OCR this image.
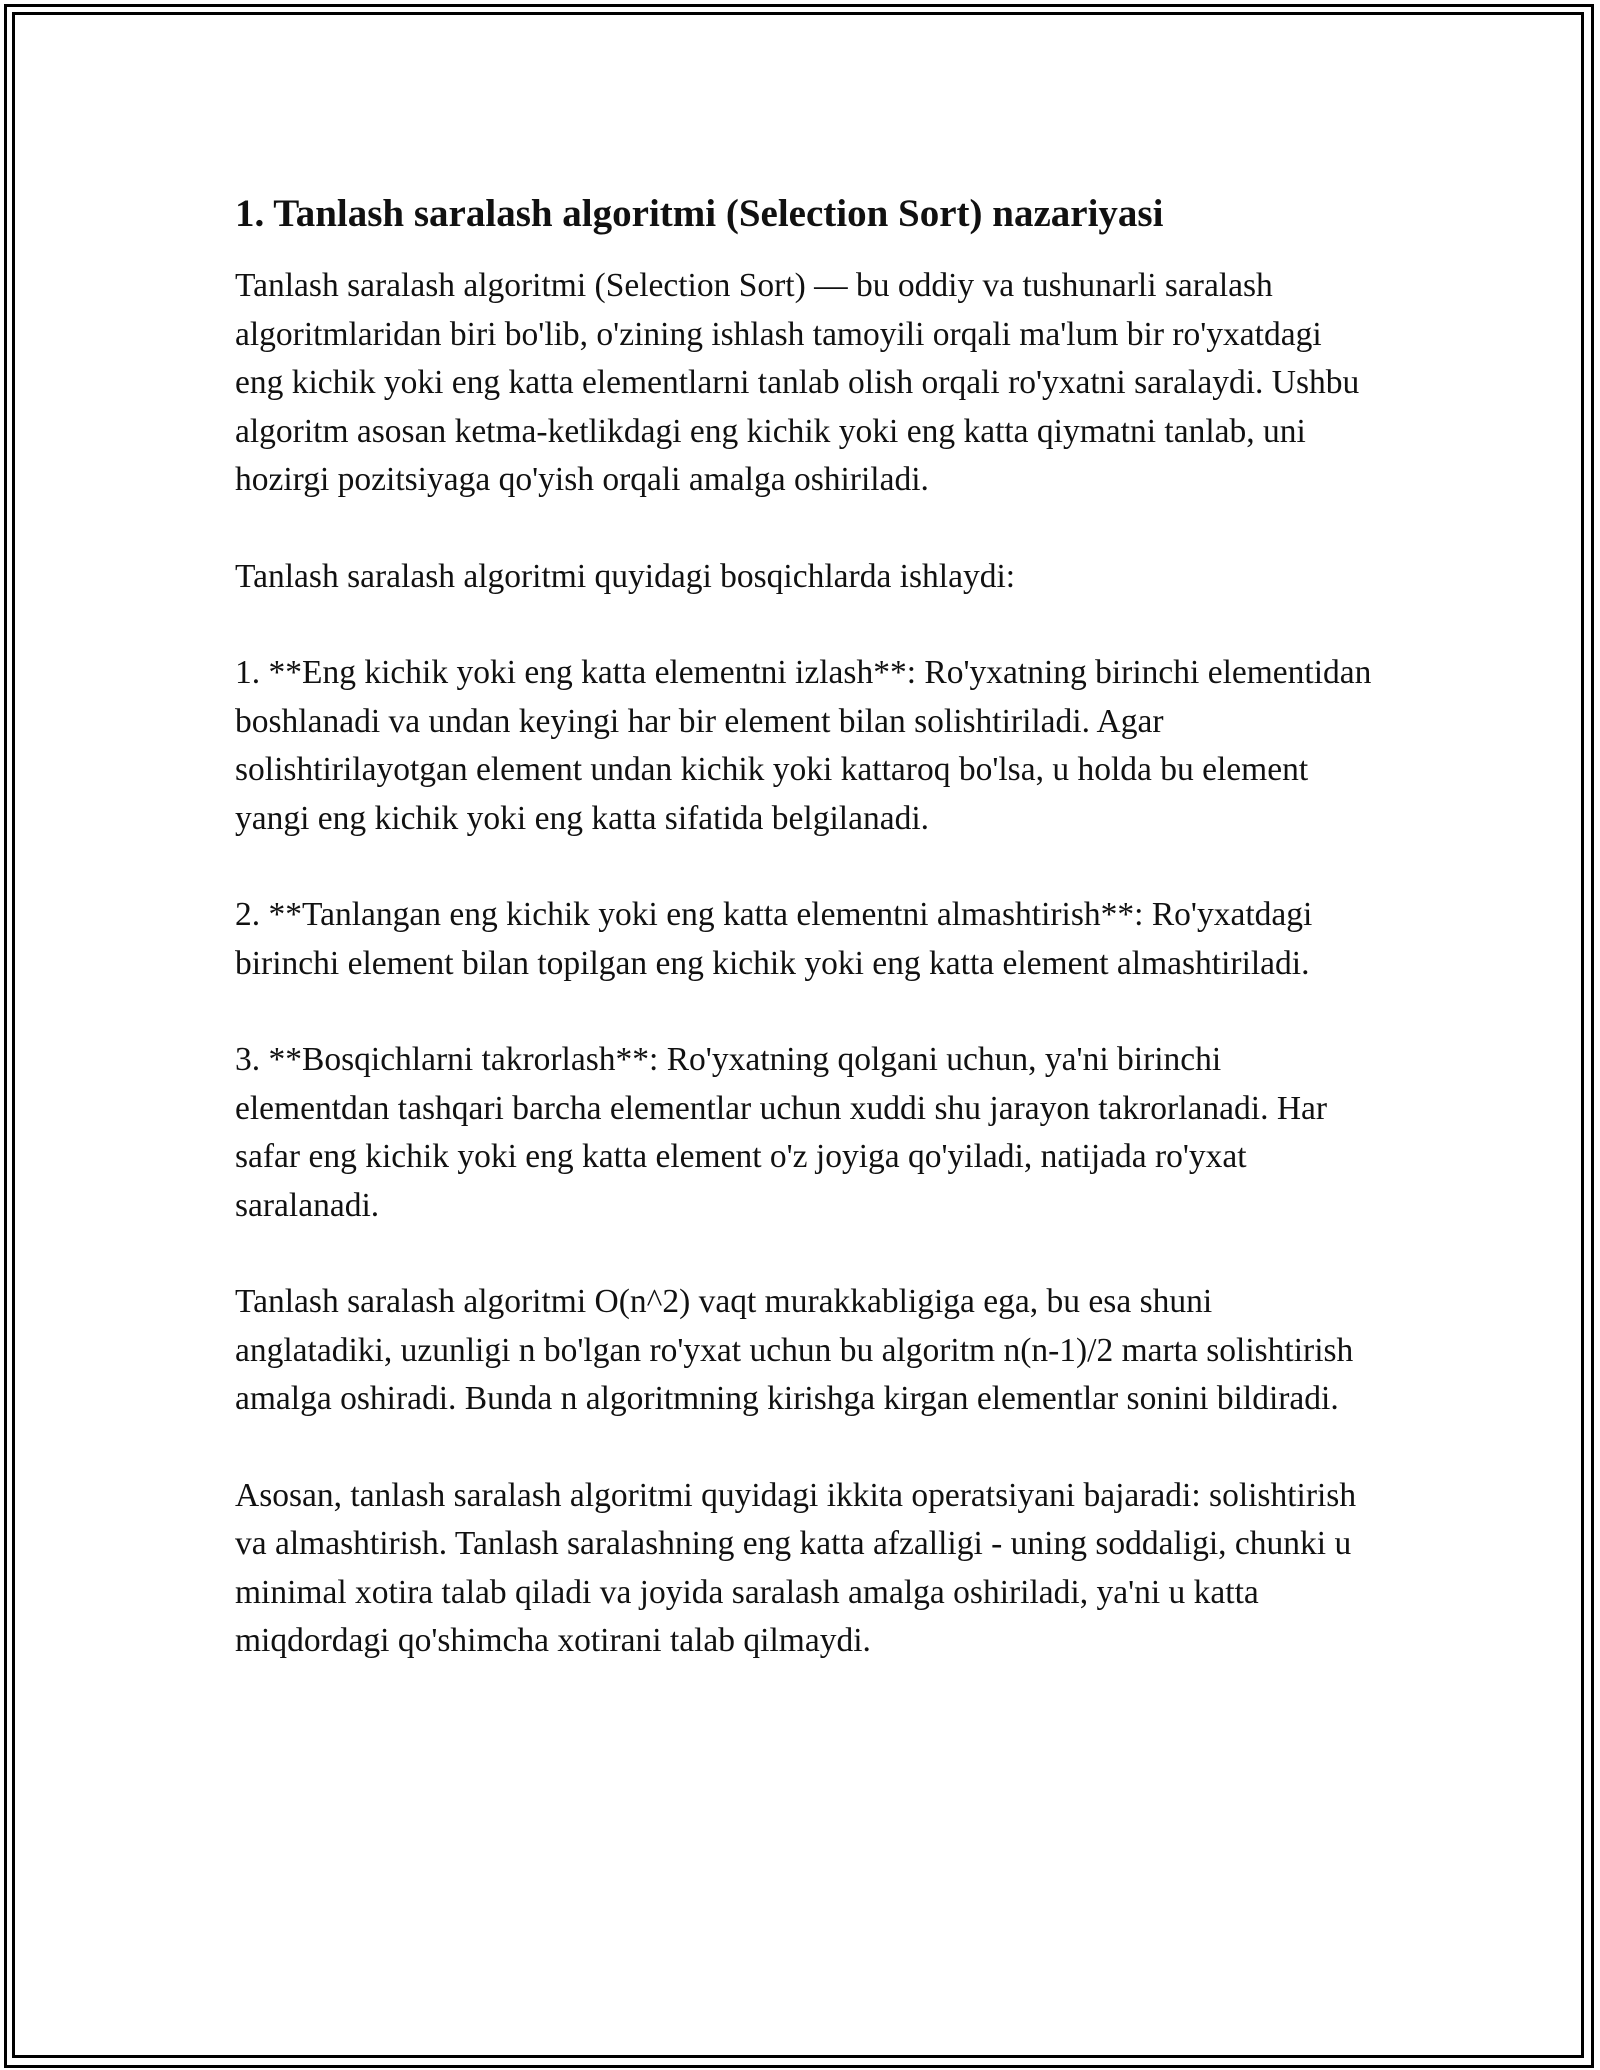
1. Tanlash saralash algoritmi (Selection Sort) nazariyasi

Tanlash saralash algoritmi (Selection Sort) — bu oddiy va tushunarli saralash algoritmlaridan biri bo'lib, o'zining ishlash tamoyili orqali ma'lum bir ro'yxatdagi eng kichik yoki eng katta elementlarni tanlab olish orqali ro'yxatni saralaydi. Ushbu algoritm asosan ketma-ketlikdagi eng kichik yoki eng katta qiymatni tanlab, uni hozirgi pozitsiyaga qo'yish orqali amalga oshiriladi.

Tanlash saralash algoritmi quyidagi bosqichlarda ishlaydi:

1. **Eng kichik yoki eng katta elementni izlash**: Ro'yxatning birinchi elementidan boshlanadi va undan keyingi har bir element bilan solishtiriladi. Agar solishtirilayotgan element undan kichik yoki kattaroq bo'lsa, u holda bu element yangi eng kichik yoki eng katta sifatida belgilanadi.

2. **Tanlangan eng kichik yoki eng katta elementni almashtirish**: Ro'yxatdagi birinchi element bilan topilgan eng kichik yoki eng katta element almashtiriladi.

3. **Bosqichlarni takrorlash**: Ro'yxatning qolgani uchun, ya'ni birinchi elementdan tashqari barcha elementlar uchun xuddi shu jarayon takrorlanadi. Har safar eng kichik yoki eng katta element o'z joyiga qo'yiladi, natijada ro'yxat saralanadi.

Tanlash saralash algoritmi O(n^2) vaqt murakkabligiga ega, bu esa shuni anglatadiki, uzunligi n bo'lgan ro'yxat uchun bu algoritm n(n-1)/2 marta solishtirish amalga oshiradi. Bunda n algoritmning kirishga kirgan elementlar sonini bildiradi.

Asosan, tanlash saralash algoritmi quyidagi ikkita operatsiyani bajaradi: solishtirish va almashtirish. Tanlash saralashning eng katta afzalligi - uning soddaligi, chunki u minimal xotira talab qiladi va joyida saralash amalga oshiriladi, ya'ni u katta miqdordagi qo'shimcha xotirani talab qilmaydi.
